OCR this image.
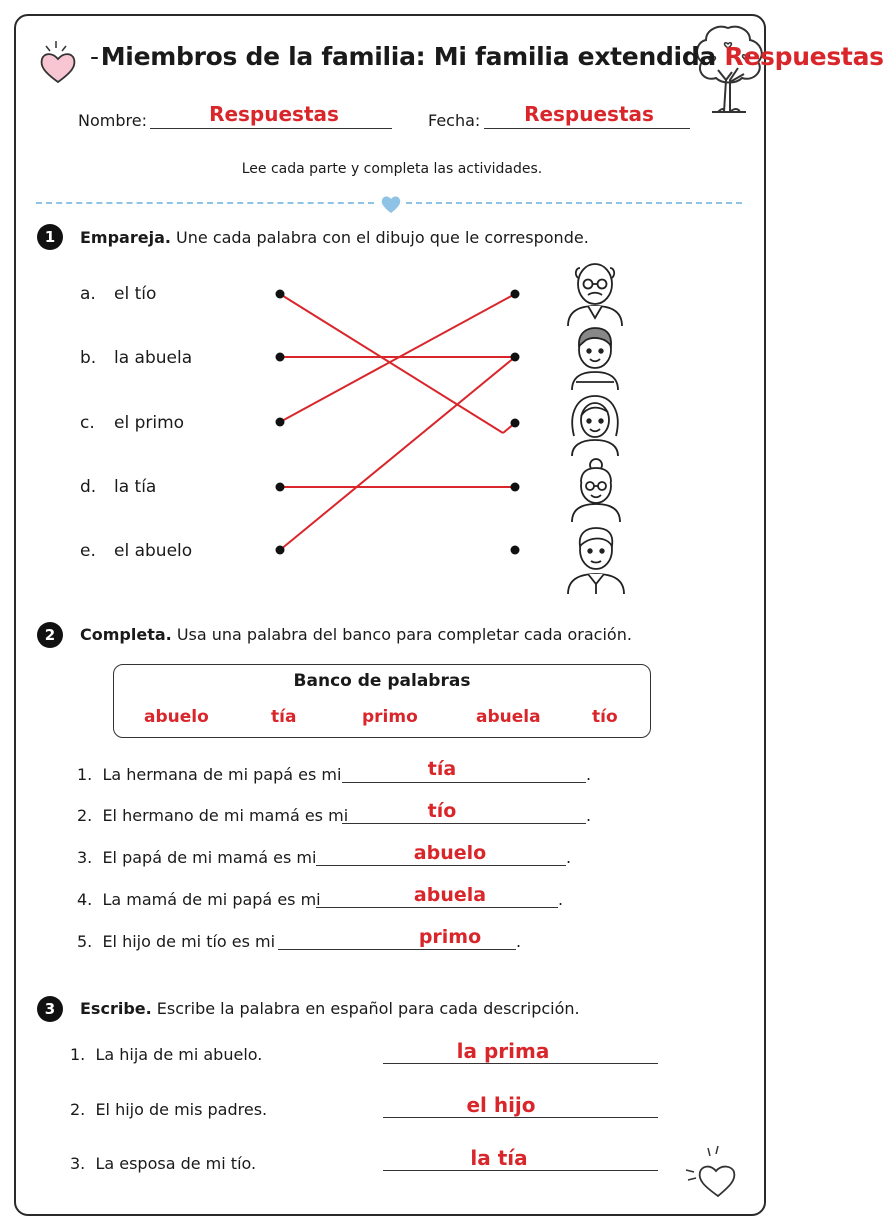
-Miembros de la familia: Mi familia extendida Respuestas
Nombre:	Respuestas	Fecha:	Respuestas
Lee cada parte y completa las actividades.
1	Empareja. Une cada palabra con el dibujo que le corresponde.
a. el tío
b. la abuela
c. el primo
d. la tía
e. el abuelo
2	Completa. Usa una palabra del banco para completar cada oración.
Banco de palabras
abuelo	tía	primo	abuela	tío
1. La hermana de mi papá es mi	tía	.
2. El hermano de mi mamá es mi	tío	.
3. El papá de mi mamá es mi	abuelo	.
4. La mamá de mi papá es mi	abuela	.
5. El hijo de mi tío es mi	primo	.
3	Escribe. Escribe la palabra en español para cada descripción.
1. La hija de mi abuelo.	la prima
2. El hijo de mis padres.	el hijo
3. La esposa de mi tío.	la tía
